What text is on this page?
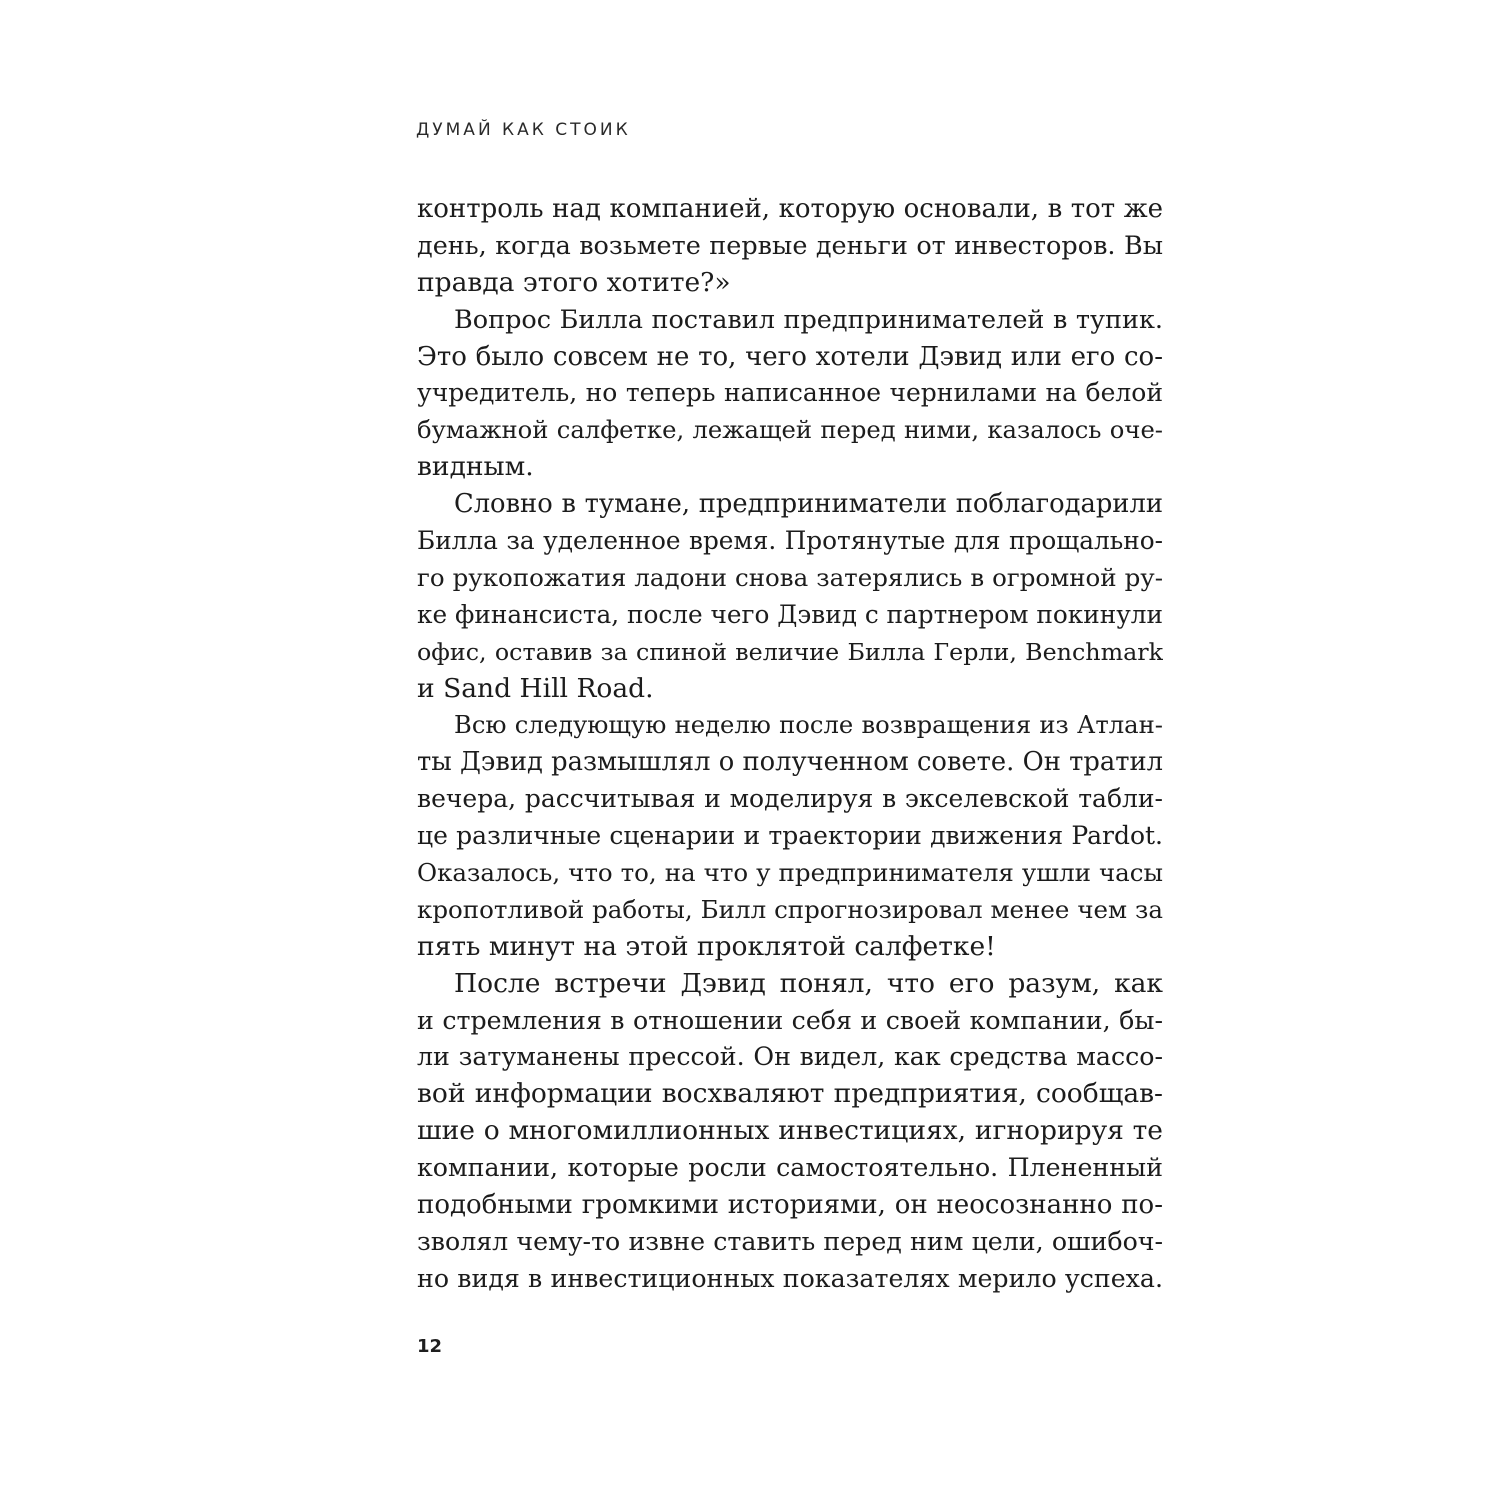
ДУМАЙ КАК СТОИК
контроль над компанией, которую основали, в тот же
день, когда возьмете первые деньги от инвесторов. Вы
правда этого хотите?»
Вопрос Билла поставил предпринимателей в тупик.
Это было совсем не то, чего хотели Дэвид или его со-
учредитель, но теперь написанное чернилами на белой
бумажной салфетке, лежащей перед ними, казалось оче-
видным.
Словно в тумане, предприниматели поблагодарили
Билла за уделенное время. Протянутые для прощально-
го рукопожатия ладони снова затерялись в огромной ру-
ке финансиста, после чего Дэвид с партнером покинули
офис, оставив за спиной величие Билла Герли, Benchmark
и Sand Hill Road.
Всю следующую неделю после возвращения из Атлан-
ты Дэвид размышлял о полученном совете. Он тратил
вечера, рассчитывая и моделируя в экселевской табли-
це различные сценарии и траектории движения Pardot.
Оказалось, что то, на что у предпринимателя ушли часы
кропотливой работы, Билл спрогнозировал менее чем за
пять минут на этой проклятой салфетке!
После встречи Дэвид понял, что его разум, как
и стремления в отношении себя и своей компании, бы-
ли затуманены прессой. Он видел, как средства массо-
вой информации восхваляют предприятия, сообщав-
шие о многомиллионных инвестициях, игнорируя те
компании, которые росли самостоятельно. Плененный
подобными громкими историями, он неосознанно по-
зволял чему-то извне ставить перед ним цели, ошибоч-
но видя в инвестиционных показателях мерило успеха.
12
